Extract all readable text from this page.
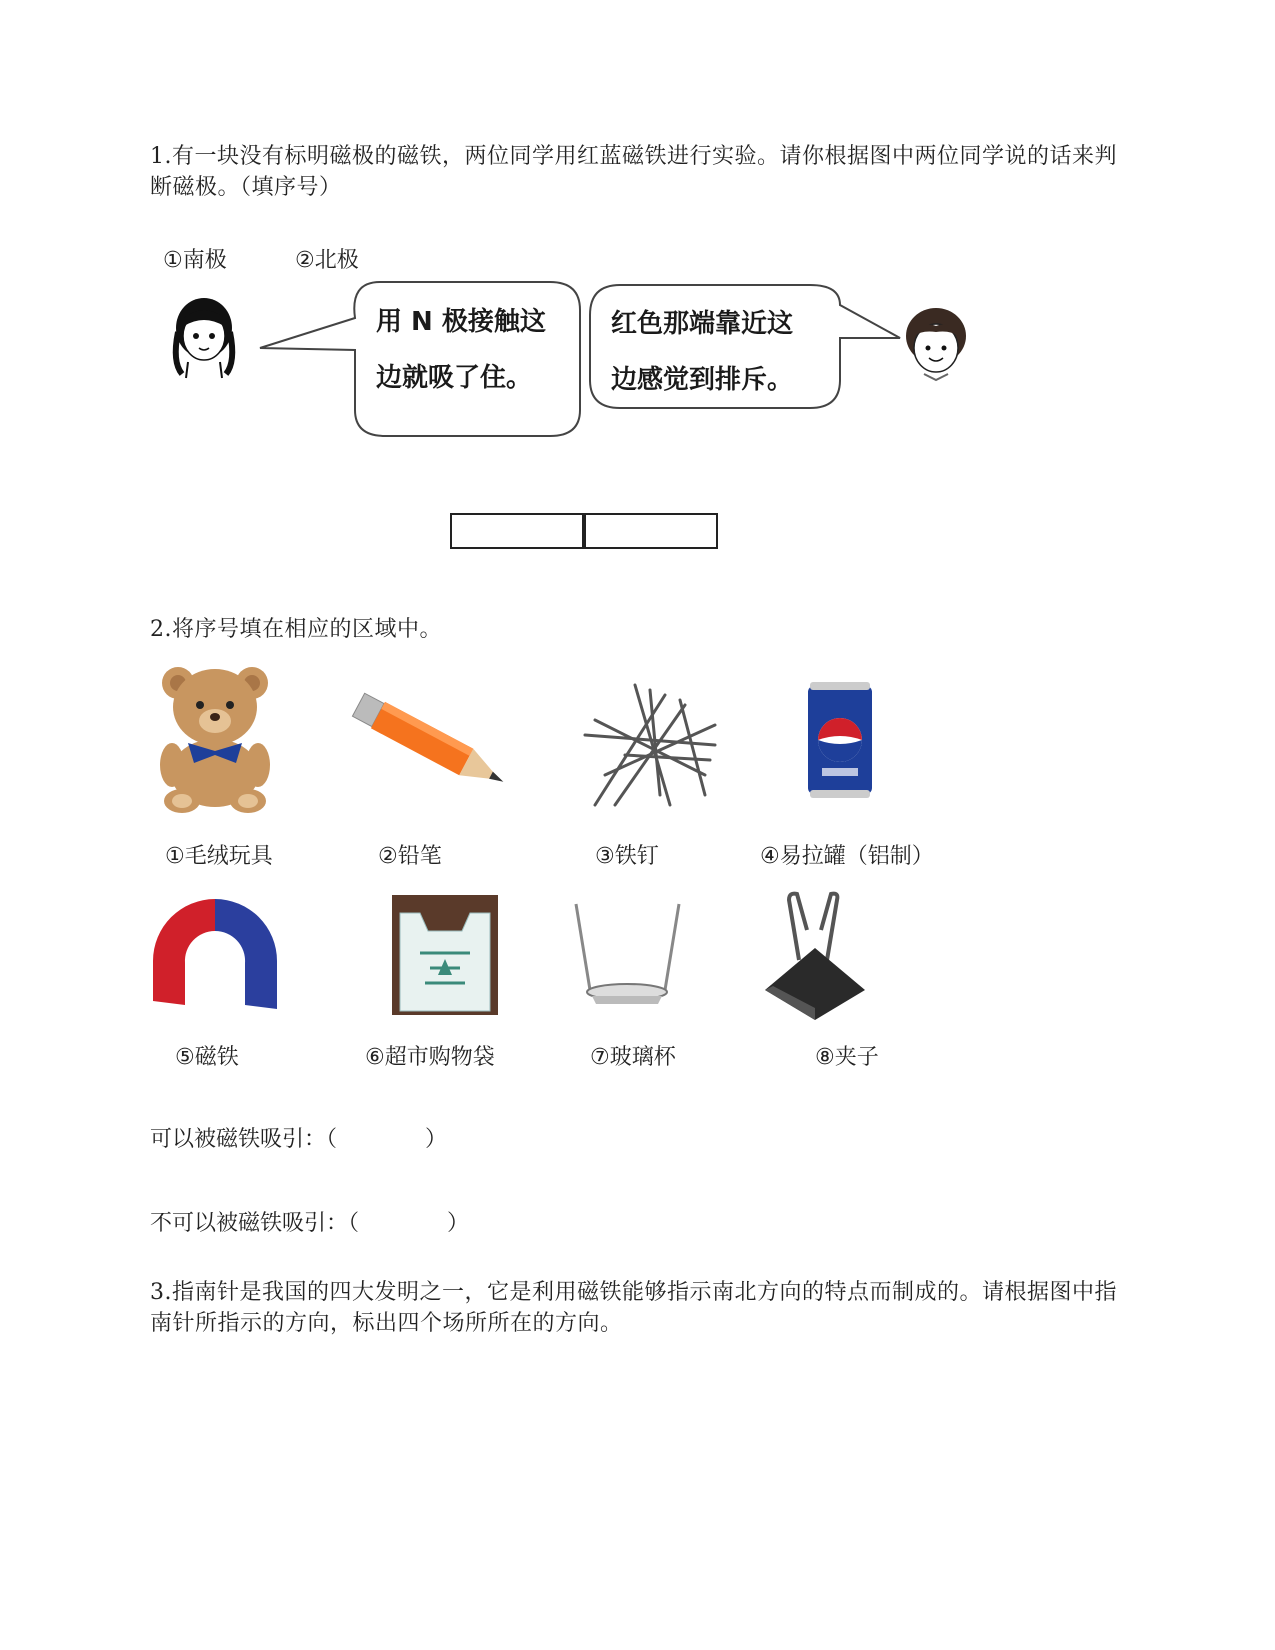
1.有一块没有标明磁极的磁铁，两位同学用红蓝磁铁进行实验。请你根据图中两位同学说的话来判断磁极。（填序号）
①南极	②北极
用 N 极接触这
边就吸了住。
红色那端靠近这
边感觉到排斥。
2.将序号填在相应的区域中。
①毛绒玩具	②铅笔	③铁钉	④易拉罐（铝制）
⑤磁铁	⑥超市购物袋	⑦玻璃杯	⑧夹子
可以被磁铁吸引：（　　　　）
不可以被磁铁吸引：（　　　　）
3.指南针是我国的四大发明之一，它是利用磁铁能够指示南北方向的特点而制成的。请根据图中指南针所指示的方向，标出四个场所所在的方向。
